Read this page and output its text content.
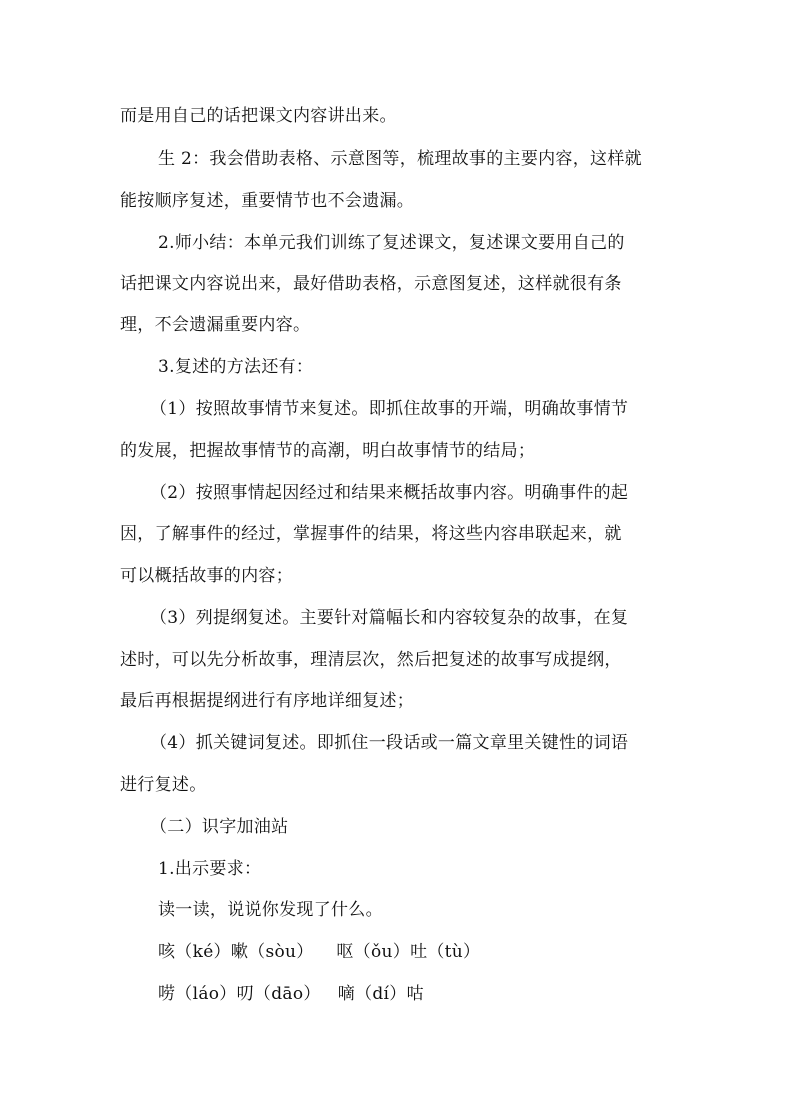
而是用自己的话把课文内容讲出来。
生 2：我会借助表格、示意图等，梳理故事的主要内容，这样就
能按顺序复述，重要情节也不会遗漏。
2.师小结：本单元我们训练了复述课文，复述课文要用自己的
话把课文内容说出来，最好借助表格，示意图复述，这样就很有条
理，不会遗漏重要内容。
3.复述的方法还有：
（1）按照故事情节来复述。即抓住故事的开端，明确故事情节
的发展，把握故事情节的高潮，明白故事情节的结局；
（2）按照事情起因经过和结果来概括故事内容。明确事件的起
因，了解事件的经过，掌握事件的结果，将这些内容串联起来，就
可以概括故事的内容；
（3）列提纲复述。主要针对篇幅长和内容较复杂的故事，在复
述时，可以先分析故事，理清层次，然后把复述的故事写成提纲，
最后再根据提纲进行有序地详细复述；
（4）抓关键词复述。即抓住一段话或一篇文章里关键性的词语
进行复述。
（二）识字加油站
1.出示要求：
读一读，说说你发现了什么。
咳（ké）嗽（sòu）    呕（ǒu）吐（tù）
唠（láo）叨（dāo）   嘀（dí）咕
